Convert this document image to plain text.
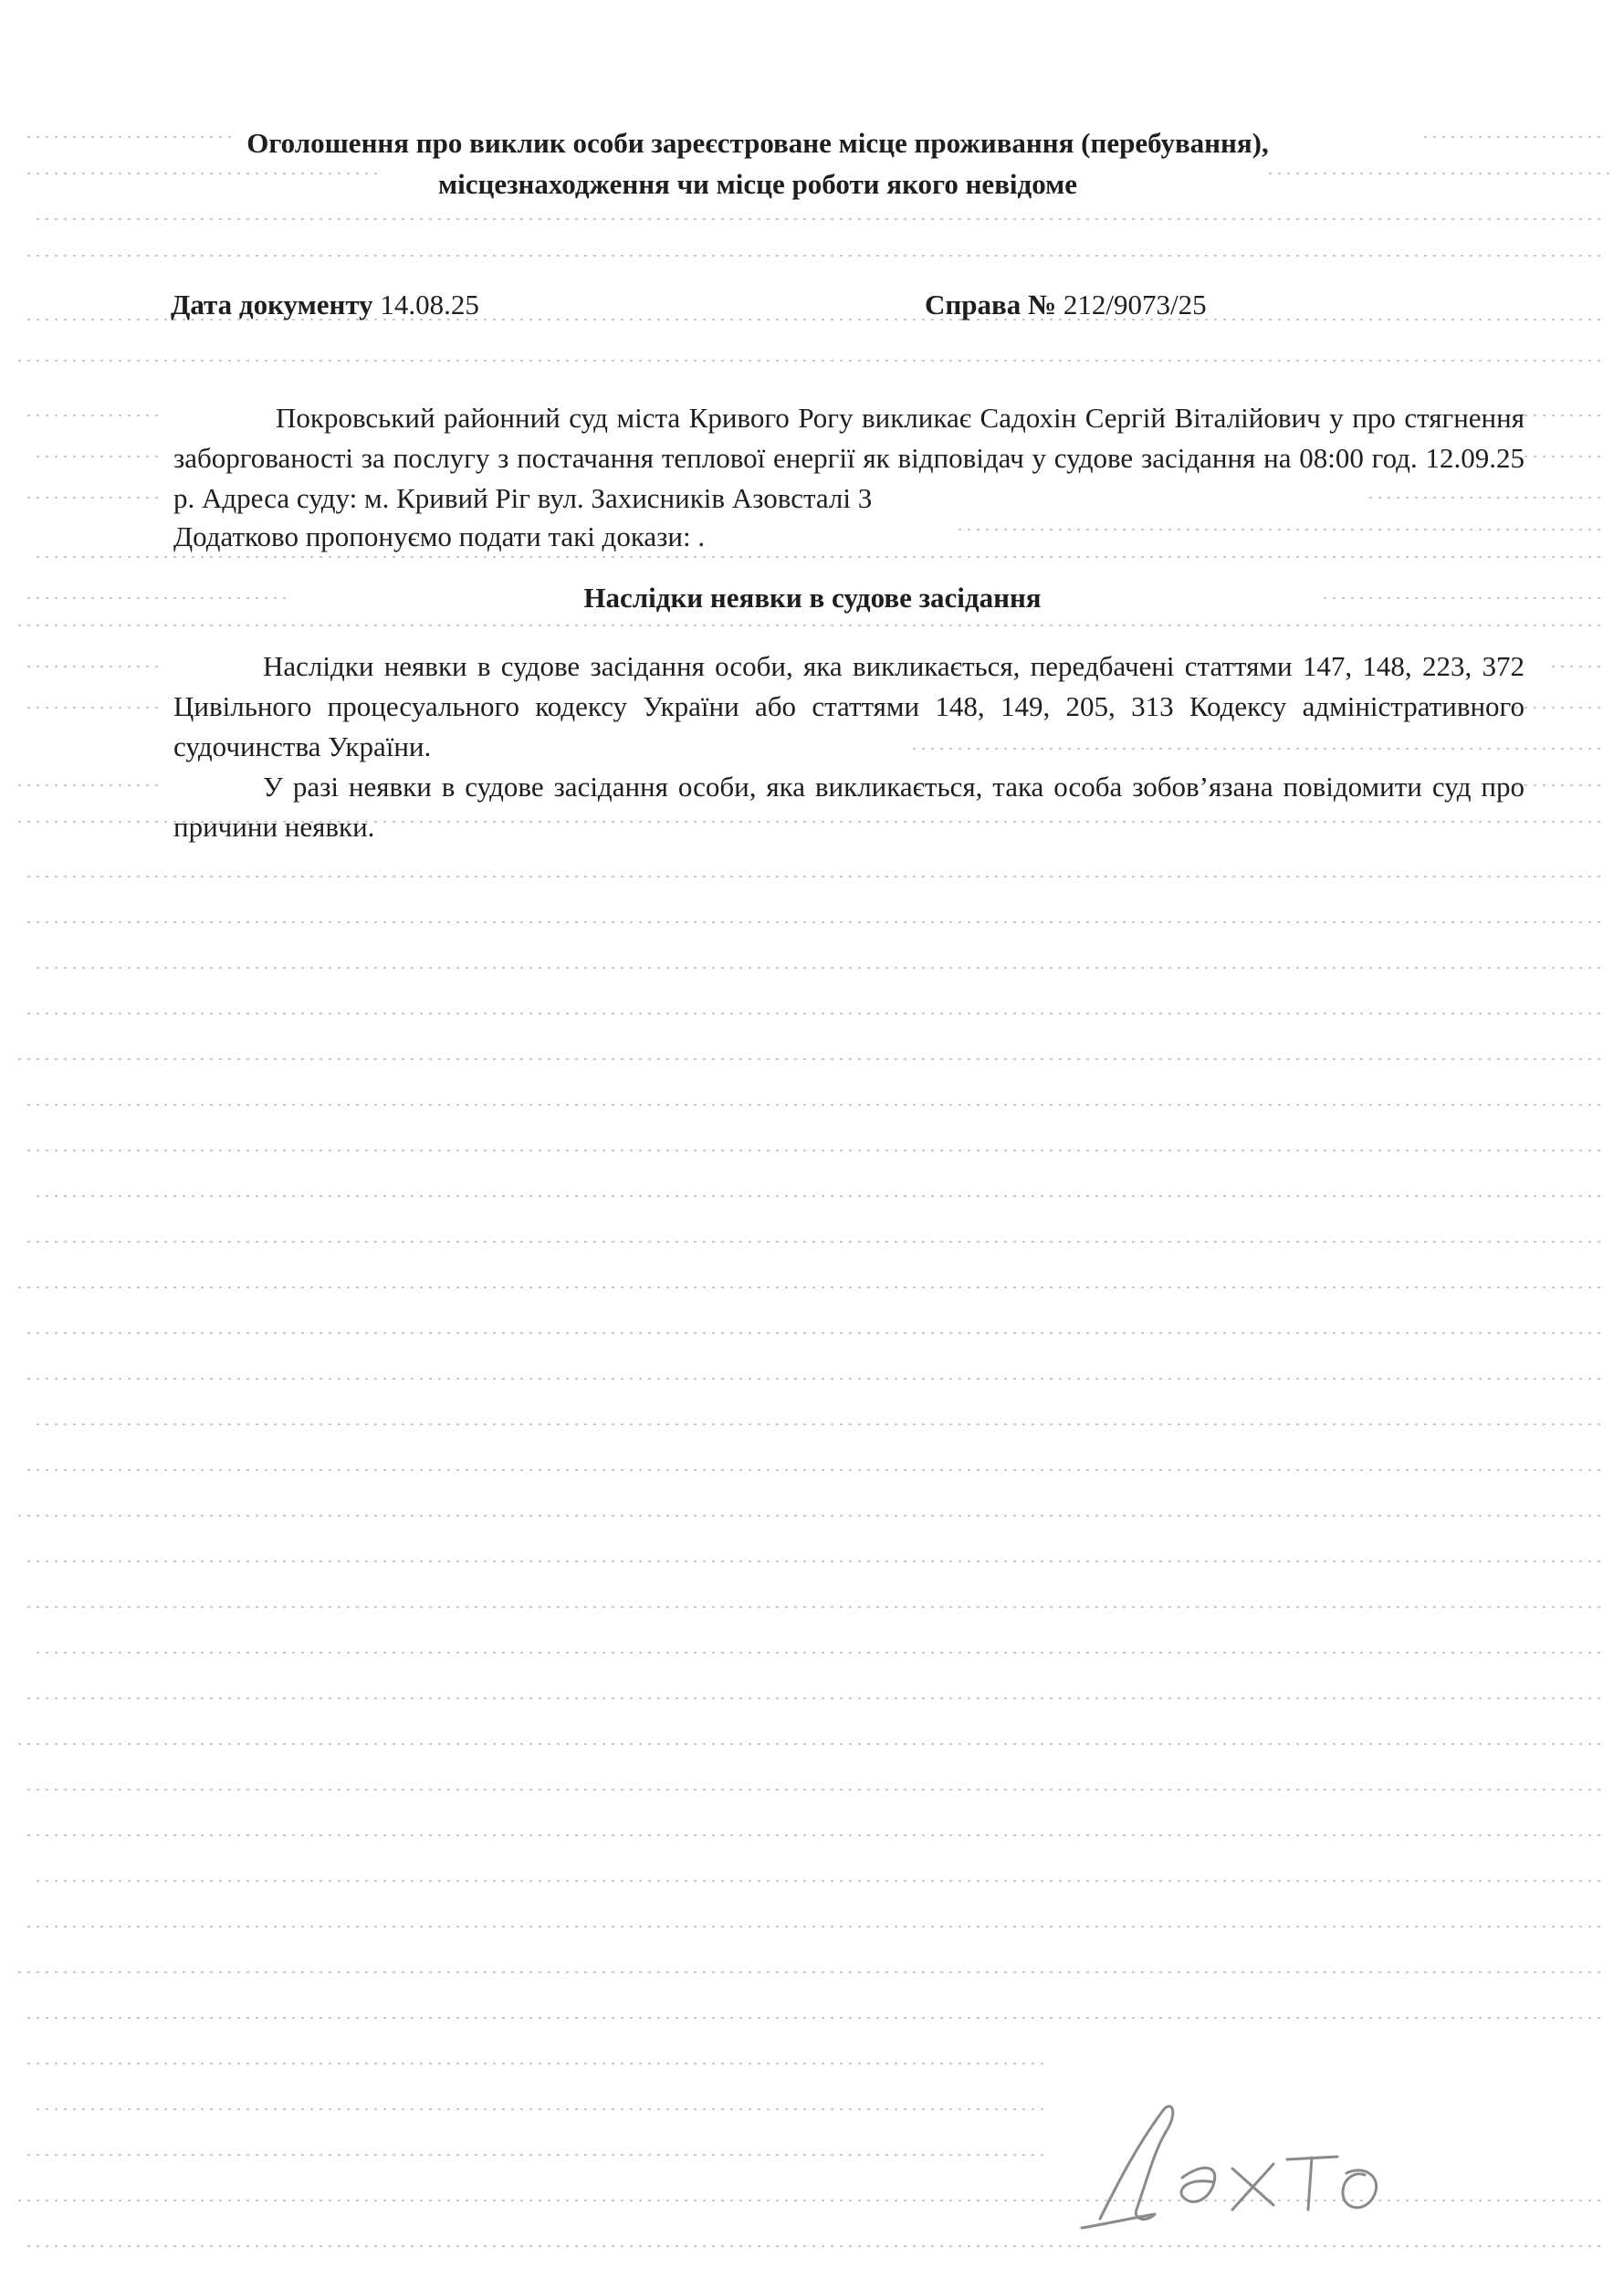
Оголошення про виклик особи зареєстроване місце проживання (перебування),
місцезнаходження чи місце роботи якого невідоме
Дата документу 14.08.25	Справа № 212/9073/25
Покровський районний суд міста Кривого Рогу викликає Садохін Сергій Віталійович у про стягнення заборгованості за послугу з постачання теплової енергії як відповідач у судове засідання на 08:00 год. 12.09.25 р. Адреса суду: м. Кривий Ріг вул. Захисників Азовсталі 3
Додатково пропонуємо подати такі докази: .
Наслідки неявки в судове засідання
Наслідки неявки в судове засідання особи, яка викликається, передбачені статтями 147, 148, 223, 372 Цивільного процесуального кодексу України або статтями 148, 149, 205, 313 Кодексу адміністративного судочинства України.
У разі неявки в судове засідання особи, яка викликається, така особа зобов’язана повідомити суд про причини неявки.
